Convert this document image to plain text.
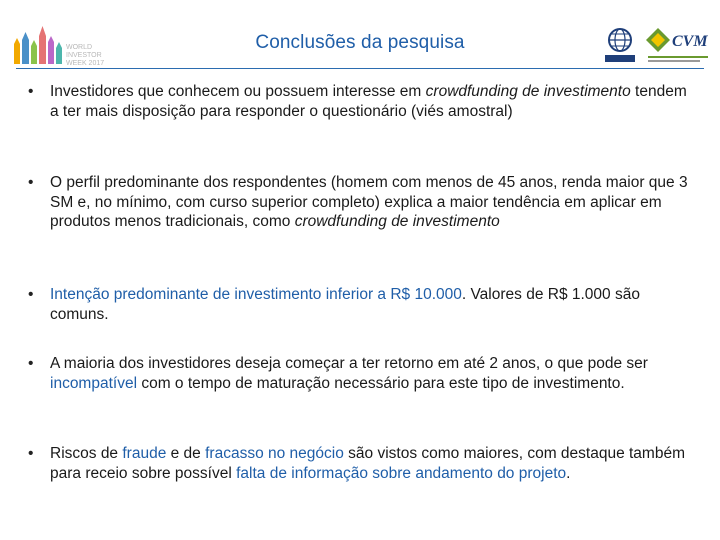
WORLD
INVESTOR
WEEK 2017
Conclusões da pesquisa	CVM
• Investidores que conhecem ou possuem interesse em crowdfunding de investimento tendem a ter mais disposição para responder o questionário (viés amostral)
• O perfil predominante dos respondentes (homem com menos de 45 anos, renda maior que 3 SM e, no mínimo, com curso superior completo) explica a maior tendência em aplicar em produtos menos tradicionais, como crowdfunding de investimento
• Intenção predominante de investimento inferior a R$ 10.000. Valores de R$ 1.000 são comuns.
• A maioria dos investidores deseja começar a ter retorno em até 2 anos, o que pode ser incompatível com o tempo de maturação necessário para este tipo de investimento.
• Riscos de fraude e de fracasso no negócio são vistos como maiores, com destaque também para receio sobre possível falta de informação sobre andamento do projeto.
